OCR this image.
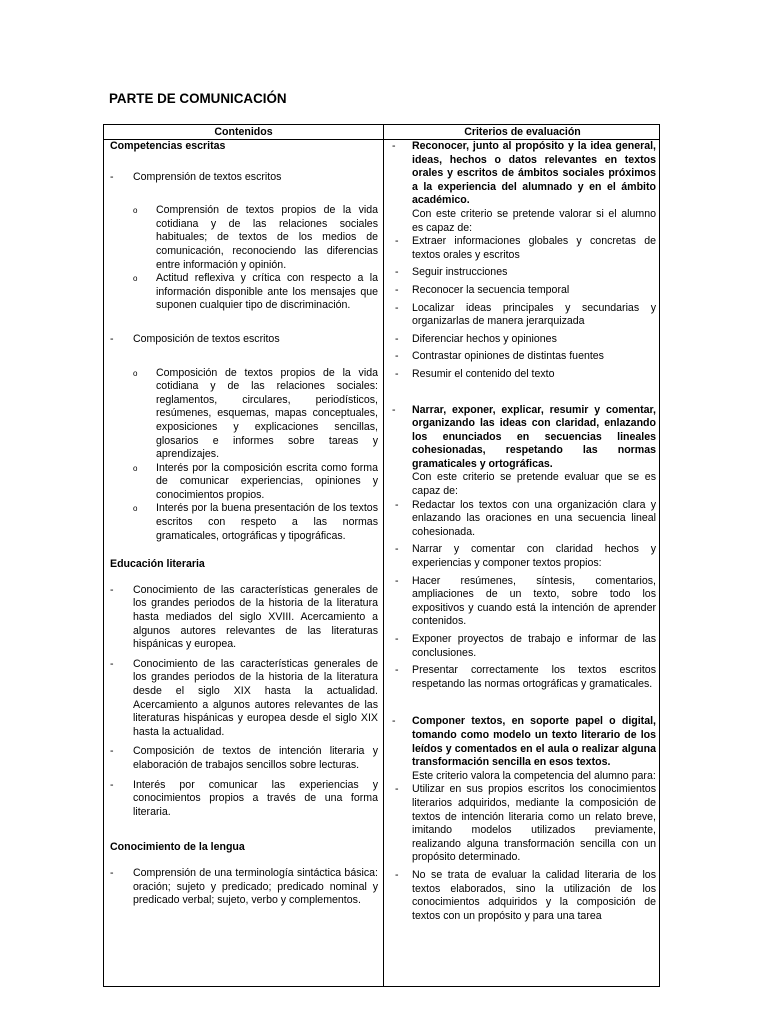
PARTE DE COMUNICACIÓN
Contenidos	Criterios de evaluación

Competencias escritas

- Comprensión de textos escritos
o Comprensión de textos propios de la vida cotidiana y de las relaciones sociales habituales; de textos de los medios de comunicación, reconociendo las diferencias entre información y opinión.
o Actitud reflexiva y crítica con respecto a la información disponible ante los mensajes que suponen cualquier tipo de discriminación.
- Composición de textos escritos
o Composición de textos propios de la vida cotidiana y de las relaciones sociales: reglamentos, circulares, periodísticos, resúmenes, esquemas, mapas conceptuales, exposiciones y explicaciones sencillas, glosarios e informes sobre tareas y aprendizajes.
o Interés por la composición escrita como forma de comunicar experiencias, opiniones y conocimientos propios.
o Interés por la buena presentación de los textos escritos con respeto a las normas gramaticales, ortográficas y tipográficas.

Educación literaria

- Conocimiento de las características generales de los grandes periodos de la historia de la literatura hasta mediados del siglo XVIII. Acercamiento a algunos autores relevantes de las literaturas hispánicas y europea.
- Conocimiento de las características generales de los grandes periodos de la historia de la literatura desde el siglo XIX hasta la actualidad. Acercamiento a algunos autores relevantes de las literaturas hispánicas y europea desde el siglo XIX hasta la actualidad.
- Composición de textos de intención literaria y elaboración de trabajos sencillos sobre lecturas.
- Interés por comunicar las experiencias y conocimientos propios a través de una forma literaria.

Conocimiento de la lengua

- Comprensión de una terminología sintáctica básica: oración; sujeto y predicado; predicado nominal y predicado verbal; sujeto, verbo y complementos.
- Reconocer, junto al propósito y la idea general, ideas, hechos o datos relevantes en textos orales y escritos de ámbitos sociales próximos a la experiencia del alumnado y en el ámbito académico.

Con este criterio se pretende valorar si el alumno es capaz de:

- Extraer informaciones globales y concretas de textos orales y escritos
- Seguir instrucciones
- Reconocer la secuencia temporal
- Localizar ideas principales y secundarias y organizarlas de manera jerarquizada
- Diferenciar hechos y opiniones
- Contrastar opiniones de distintas fuentes
- Resumir el contenido del texto
- Narrar, exponer, explicar, resumir y comentar, organizando las ideas con claridad, enlazando los enunciados en secuencias lineales cohesionadas, respetando las normas gramaticales y ortográficas.

Con este criterio se pretende evaluar que se es capaz de:

- Redactar los textos con una organización clara y enlazando las oraciones en una secuencia lineal cohesionada.
- Narrar y comentar con claridad hechos y experiencias y componer textos propios:
- Hacer resúmenes, síntesis, comentarios, ampliaciones de un texto, sobre todo los expositivos y cuando está la intención de aprender contenidos.
- Exponer proyectos de trabajo e informar de las conclusiones.
- Presentar correctamente los textos escritos respetando las normas ortográficas y gramaticales.
- Componer textos, en soporte papel o digital, tomando como modelo un texto literario de los leídos y comentados en el aula o realizar alguna transformación sencilla en esos textos.

Este criterio valora la competencia del alumno para:

- Utilizar en sus propios escritos los conocimientos literarios adquiridos, mediante la composición de textos de intención literaria como un relato breve, imitando modelos utilizados previamente, realizando alguna transformación sencilla con un propósito determinado.
- No se trata de evaluar la calidad literaria de los textos elaborados, sino la utilización de los conocimientos adquiridos y la composición de textos con un propósito y para una tarea
